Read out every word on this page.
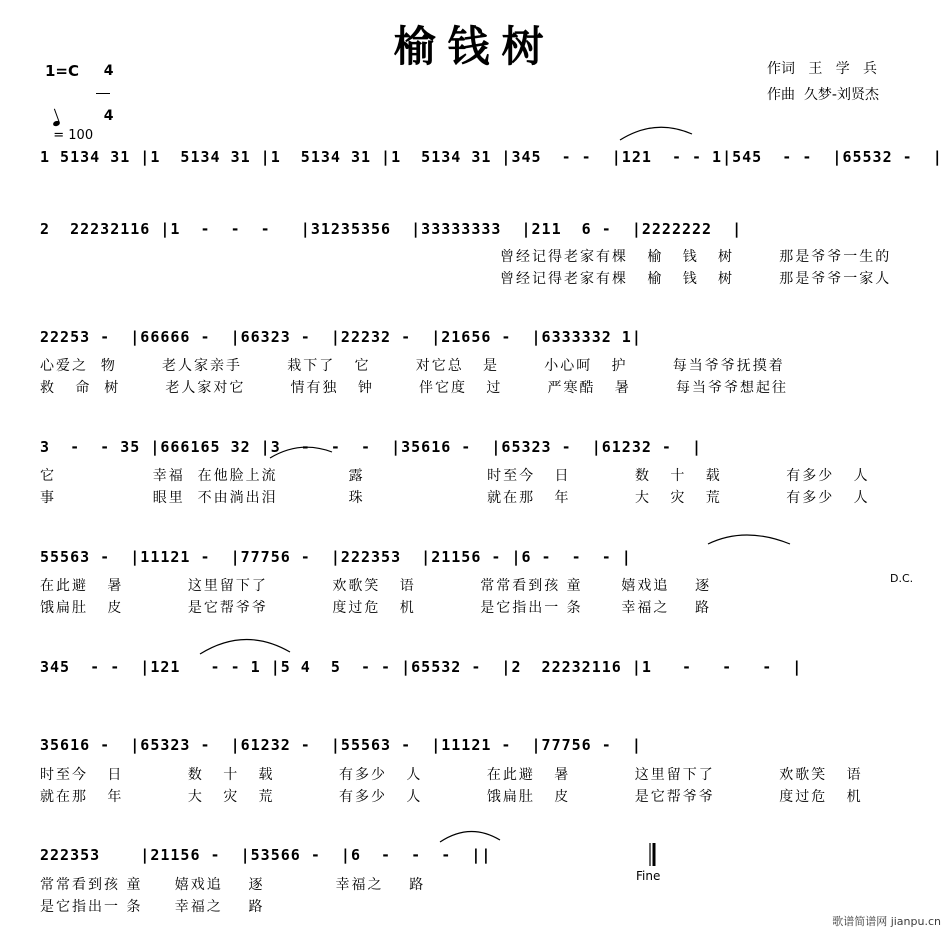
榆钱树	作词   王   学   兵
作曲  久梦-刘贤杰
1=C	4

4

= 100

1 5134 31 |1  5134 31 |1  5134 31 |1  5134 31 |345  - -  |121  - - 1|545  - -  |65532 -  |
2  22232116 |1  -  -  -   |31235356  |33333333  |211  6 -  |2222222  |
曾经记得老家有棵   榆   钱   树       那是爷爷一生的
曾经记得老家有棵   榆   钱   树       那是爷爷一家人
22253 -  |66666 -  |66323 -  |22232 -  |21656 -  |6333332 1|
心爱之  物       老人家亲手       栽下了   它       对它总   是       小心呵   护       每当爷爷抚摸着
救   命  树       老人家对它       情有独   钟       伴它度   过       严寒酷   暑       每当爷爷想起往
3  -  - 35 |666165 32 |3  -  -  -  |35616 -  |65323 -  |61232 -  |
它               幸福  在他脸上流           露                   时至今   日          数   十   载          有多少   人
事               眼里  不由淌出泪           珠                   就在那   年          大   灾   荒          有多少   人
55563 -  |11121 -  |77756 -  |222353  |21156 - |6 -  -  - |
D.C.
在此避   暑          这里留下了          欢歌笑   语          常常看到孩 童      嬉戏追    逐
饿扁肚   皮          是它帮爷爷          度过危   机          是它指出一 条      幸福之    路
345  - -  |121   - - 1 |5 4  5  - - |65532 -  |2  22232116 |1   -   -   -  |
35616 -  |65323 -  |61232 -  |55563 -  |11121 -  |77756 -  |
时至今   日          数   十   载          有多少   人          在此避   暑          这里留下了          欢歌笑   语
就在那   年          大   灾   荒          有多少   人          饿扁肚   皮          是它帮爷爷          度过危   机
222353    |21156 -  |53566 -  |6  -  -  -  ||
Fine
常常看到孩 童     嬉戏追    逐           幸福之    路
是它指出一 条     幸福之    路
歌谱简谱网 jianpu.cn
